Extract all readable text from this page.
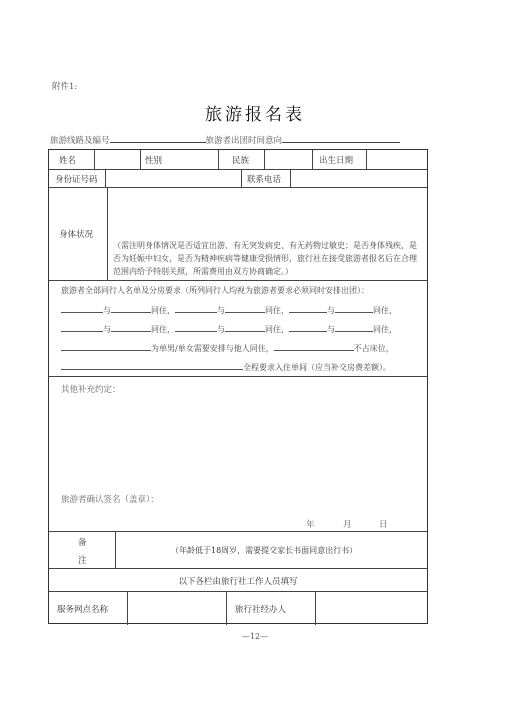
附件1:
旅游报名表
旅游线路及编号	旅游者出团时间意向
姓名	性别	民族	出生日期
身份证号码	联系电话
身体状况
（需注明身体情况是否适宜出游、有无突发病史、有无药物过敏史；是否身体残疾，是否为妊娠中妇女，是否为精神疾病等健康受损情形，旅行社在接受旅游者报名后在合理范围内给予特别关照，所需费用由双方协商确定。）
旅游者全部同行人名单及分房要求（所列同行人均视为旅游者要求必须同时安排出团）：
与	同住，	与	同住，	与	同住，
与	同住，	与	同住，	与	同住，
为单男/单女需要安排与他人同住，	不占床位，
全程要求入住单间（应当补交房费差额）。
其他补充约定：
旅游者确认签名（盖章）：
年	月	日
备
注
（年龄低于18周岁，需要提交家长书面同意出行书）
以下各栏由旅行社工作人员填写
服务网点名称	旅行社经办人
—12—
